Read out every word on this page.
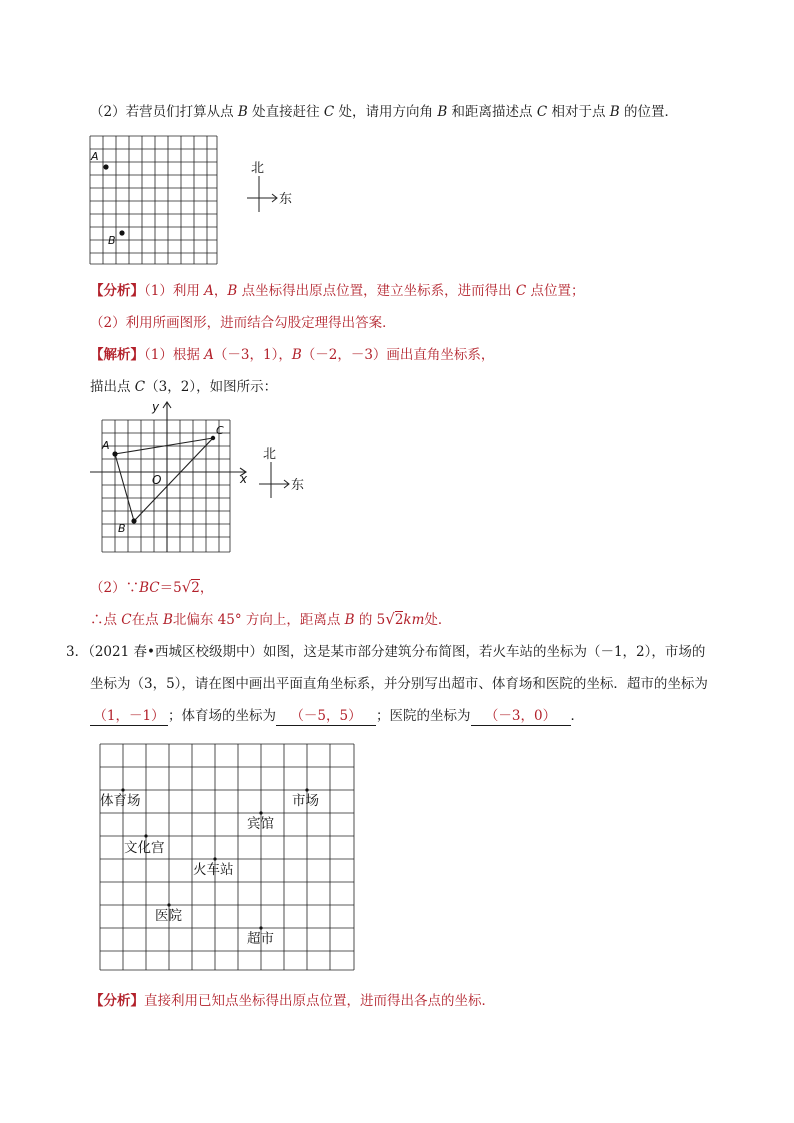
（2）若营员们打算从点 B 处直接赶往 C 处，请用方向角 B 和距离描述点 C 相对于点 B 的位置．
A
B
北
东
【分析】（1）利用 A，B 点坐标得出原点位置，建立坐标系，进而得出 C 点位置；
（2）利用所画图形，进而结合勾股定理得出答案．
【解析】（1）根据 A（－3，1），B（－2，－3）画出直角坐标系，
描出点 C（3，2），如图所示：
y
x
O
A
B
C
北
东
（2）∵BC＝5√2，
∴点 C在点 B北偏东 45° 方向上，距离点 B 的 5√2km处．
3．（2021 春•西城区校级期中）如图，这是某市部分建筑分布简图，若火车站的坐标为（－1，2），市场的
坐标为（3，5），请在图中画出平面直角坐标系，并分别写出超市、体育场和医院的坐标．超市的坐标为
（1，－1） ；体育场的坐标为 （－5，5） ；医院的坐标为 （－3，0） ．
体育场	市场
宾馆
文化宫
火车站
医院
超市
【分析】直接利用已知点坐标得出原点位置，进而得出各点的坐标．
